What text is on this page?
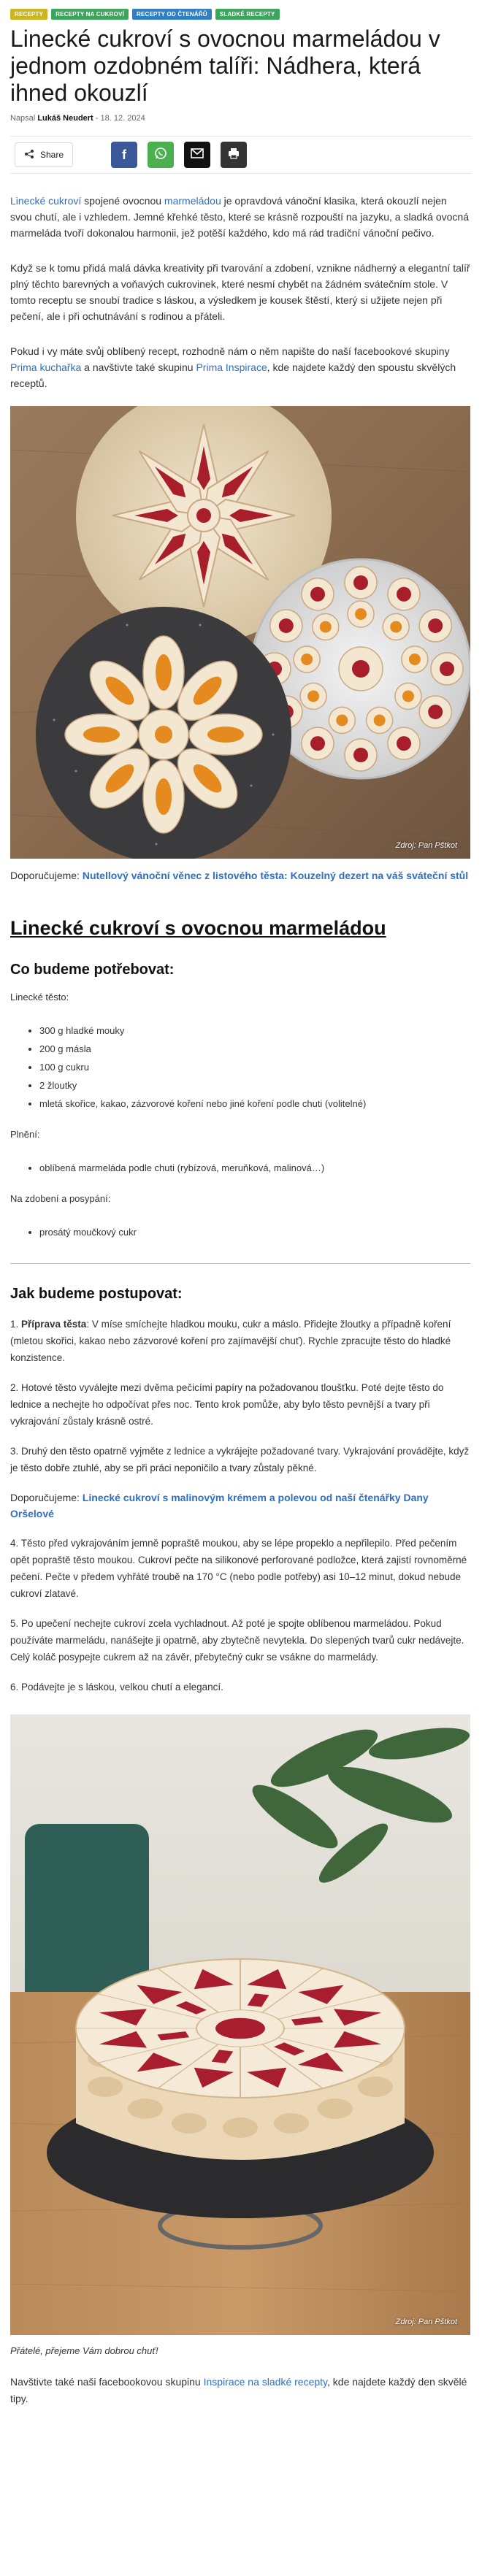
RECEPTY	RECEPTY NA CUKROVÍ	RECEPTY OD ČTENÁŘŮ	SLADKÉ RECEPTY
Linecké cukroví s ovocnou marmeládou v jednom ozdobném talíři: Nádhera, která ihned okouzlí
Napsal Lukáš Neudert - 18. 12. 2024
Share	f

Linecké cukroví spojené ovocnou marmeládou je opravdová vánoční klasika, která okouzlí nejen svou chutí, ale i vzhledem. Jemné křehké těsto, které se krásně rozpouští na jazyku, a sladká ovocná marmeláda tvoří dokonalou harmonii, jež potěší každého, kdo má rád tradiční vánoční pečivo.

Když se k tomu přidá malá dávka kreativity při tvarování a zdobení, vznikne nádherný a elegantní talíř plný těchto barevných a voňavých cukrovinek, které nesmí chybět na žádném svátečním stole. V tomto receptu se snoubí tradice s láskou, a výsledkem je kousek štěstí, který si užijete nejen při pečení, ale i při ochutnávání s rodinou a přáteli.

Pokud i vy máte svůj oblíbený recept, rozhodně nám o něm napište do naší facebookové skupiny Prima kuchařka a navštivte také skupinu Prima Inspirace, kde najdete každý den spoustu skvělých receptů.

Zdroj: Pan Pštkot

Doporučujeme: Nutellový vánoční věnec z listového těsta: Kouzelný dezert na váš sváteční stůl

Linecké cukroví s ovocnou marmeládou
Co budeme potřebovat:

Linecké těsto:

• 300 g hladké mouky
• 200 g másla
• 100 g cukru
• 2 žloutky
• mletá skořice, kakao, zázvorové koření nebo jiné koření podle chuti (volitelné)

Plnění:

• oblíbená marmeláda podle chuti (rybízová, meruňková, malinová…)

Na zdobení a posypání:

• prosátý moučkový cukr
Jak budeme postupovat:

1. Příprava těsta: V míse smíchejte hladkou mouku, cukr a máslo. Přidejte žloutky a případně koření (mletou skořici, kakao nebo zázvorové koření pro zajímavější chuť). Rychle zpracujte těsto do hladké konzistence.

2. Hotové těsto vyválejte mezi dvěma pečicími papíry na požadovanou tloušťku. Poté dejte těsto do lednice a nechejte ho odpočívat přes noc. Tento krok pomůže, aby bylo těsto pevnější a tvary při vykrajování zůstaly krásně ostré.

3. Druhý den těsto opatrně vyjměte z lednice a vykrájejte požadované tvary. Vykrajování provádějte, když je těsto dobře ztuhlé, aby se při práci neponičilo a tvary zůstaly pěkné.

Doporučujeme: Linecké cukroví s malinovým krémem a polevou od naší čtenářky Dany Oršelové

4. Těsto před vykrajováním jemně popraště moukou, aby se lépe propeklo a nepřilepilo. Před pečením opět popraště těsto moukou. Cukroví pečte na silikonové perforované podložce, která zajistí rovnoměrné pečení. Pečte v předem vyhřáté troubě na 170 °C (nebo podle potřeby) asi 10–12 minut, dokud nebude cukroví zlatavé.

5. Po upečení nechejte cukroví zcela vychladnout. Až poté je spojte oblíbenou marmeládou. Pokud používáte marmeládu, nanášejte ji opatrně, aby zbytečně nevytekla. Do slepených tvarů cukr nedávejte. Celý koláč posypejte cukrem až na závěr, přebytečný cukr se vsákne do marmelády.

6. Podávejte je s láskou, velkou chutí a elegancí.

Zdroj: Pan Pštkot

Přátelé, přejeme Vám dobrou chuť!

Navštivte také naši facebookovou skupinu Inspirace na sladké recepty, kde najdete každý den skvělé tipy.
